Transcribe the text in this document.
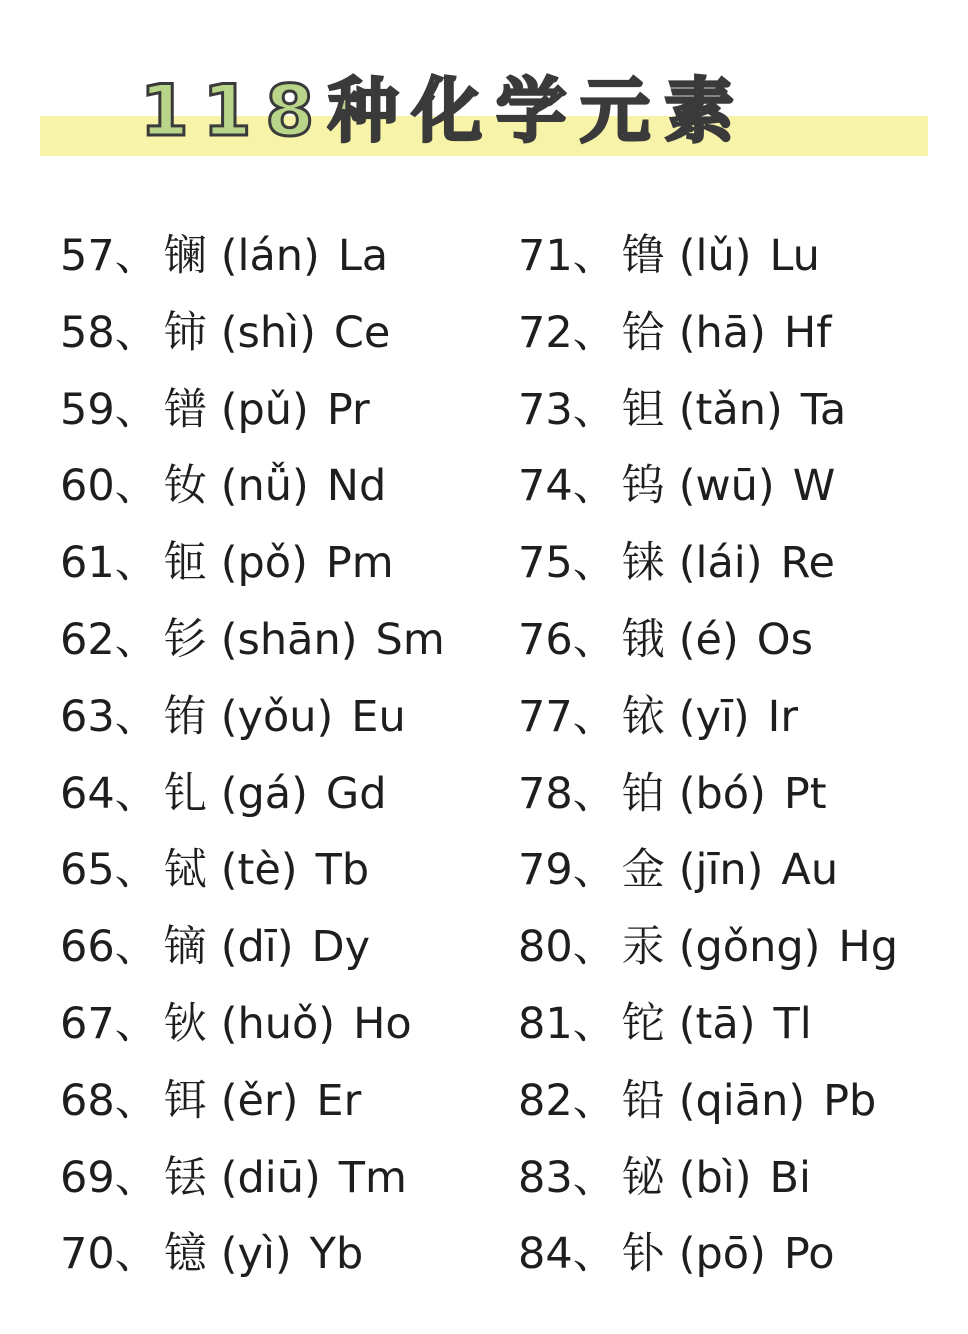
118种化学元素
57、 镧 (lán) La
58、 铈 (shì) Ce
59、 镨 (pǔ) Pr
60、 钕 (nǚ) Nd
61、 钷 (pǒ) Pm
62、 钐 (shān) Sm
63、 铕 (yǒu) Eu
64、 钆 (gá) Gd
65、 铽 (tè) Tb
66、 镝 (dī) Dy
67、 钬 (huǒ) Ho
68、 铒 (ěr) Er
69、 铥 (diū) Tm
70、 镱 (yì) Yb
71、 镥 (lǔ) Lu
72、 铪 (hā) Hf
73、 钽 (tǎn) Ta
74、 钨 (wū) W
75、 铼 (lái) Re
76、 锇 (é) Os
77、 铱 (yī) Ir
78、 铂 (bó) Pt
79、 金 (jīn) Au
80、 汞 (gǒng) Hg
81、 铊 (tā) Tl
82、 铅 (qiān) Pb
83、 铋 (bì) Bi
84、 钋 (pō) Po
